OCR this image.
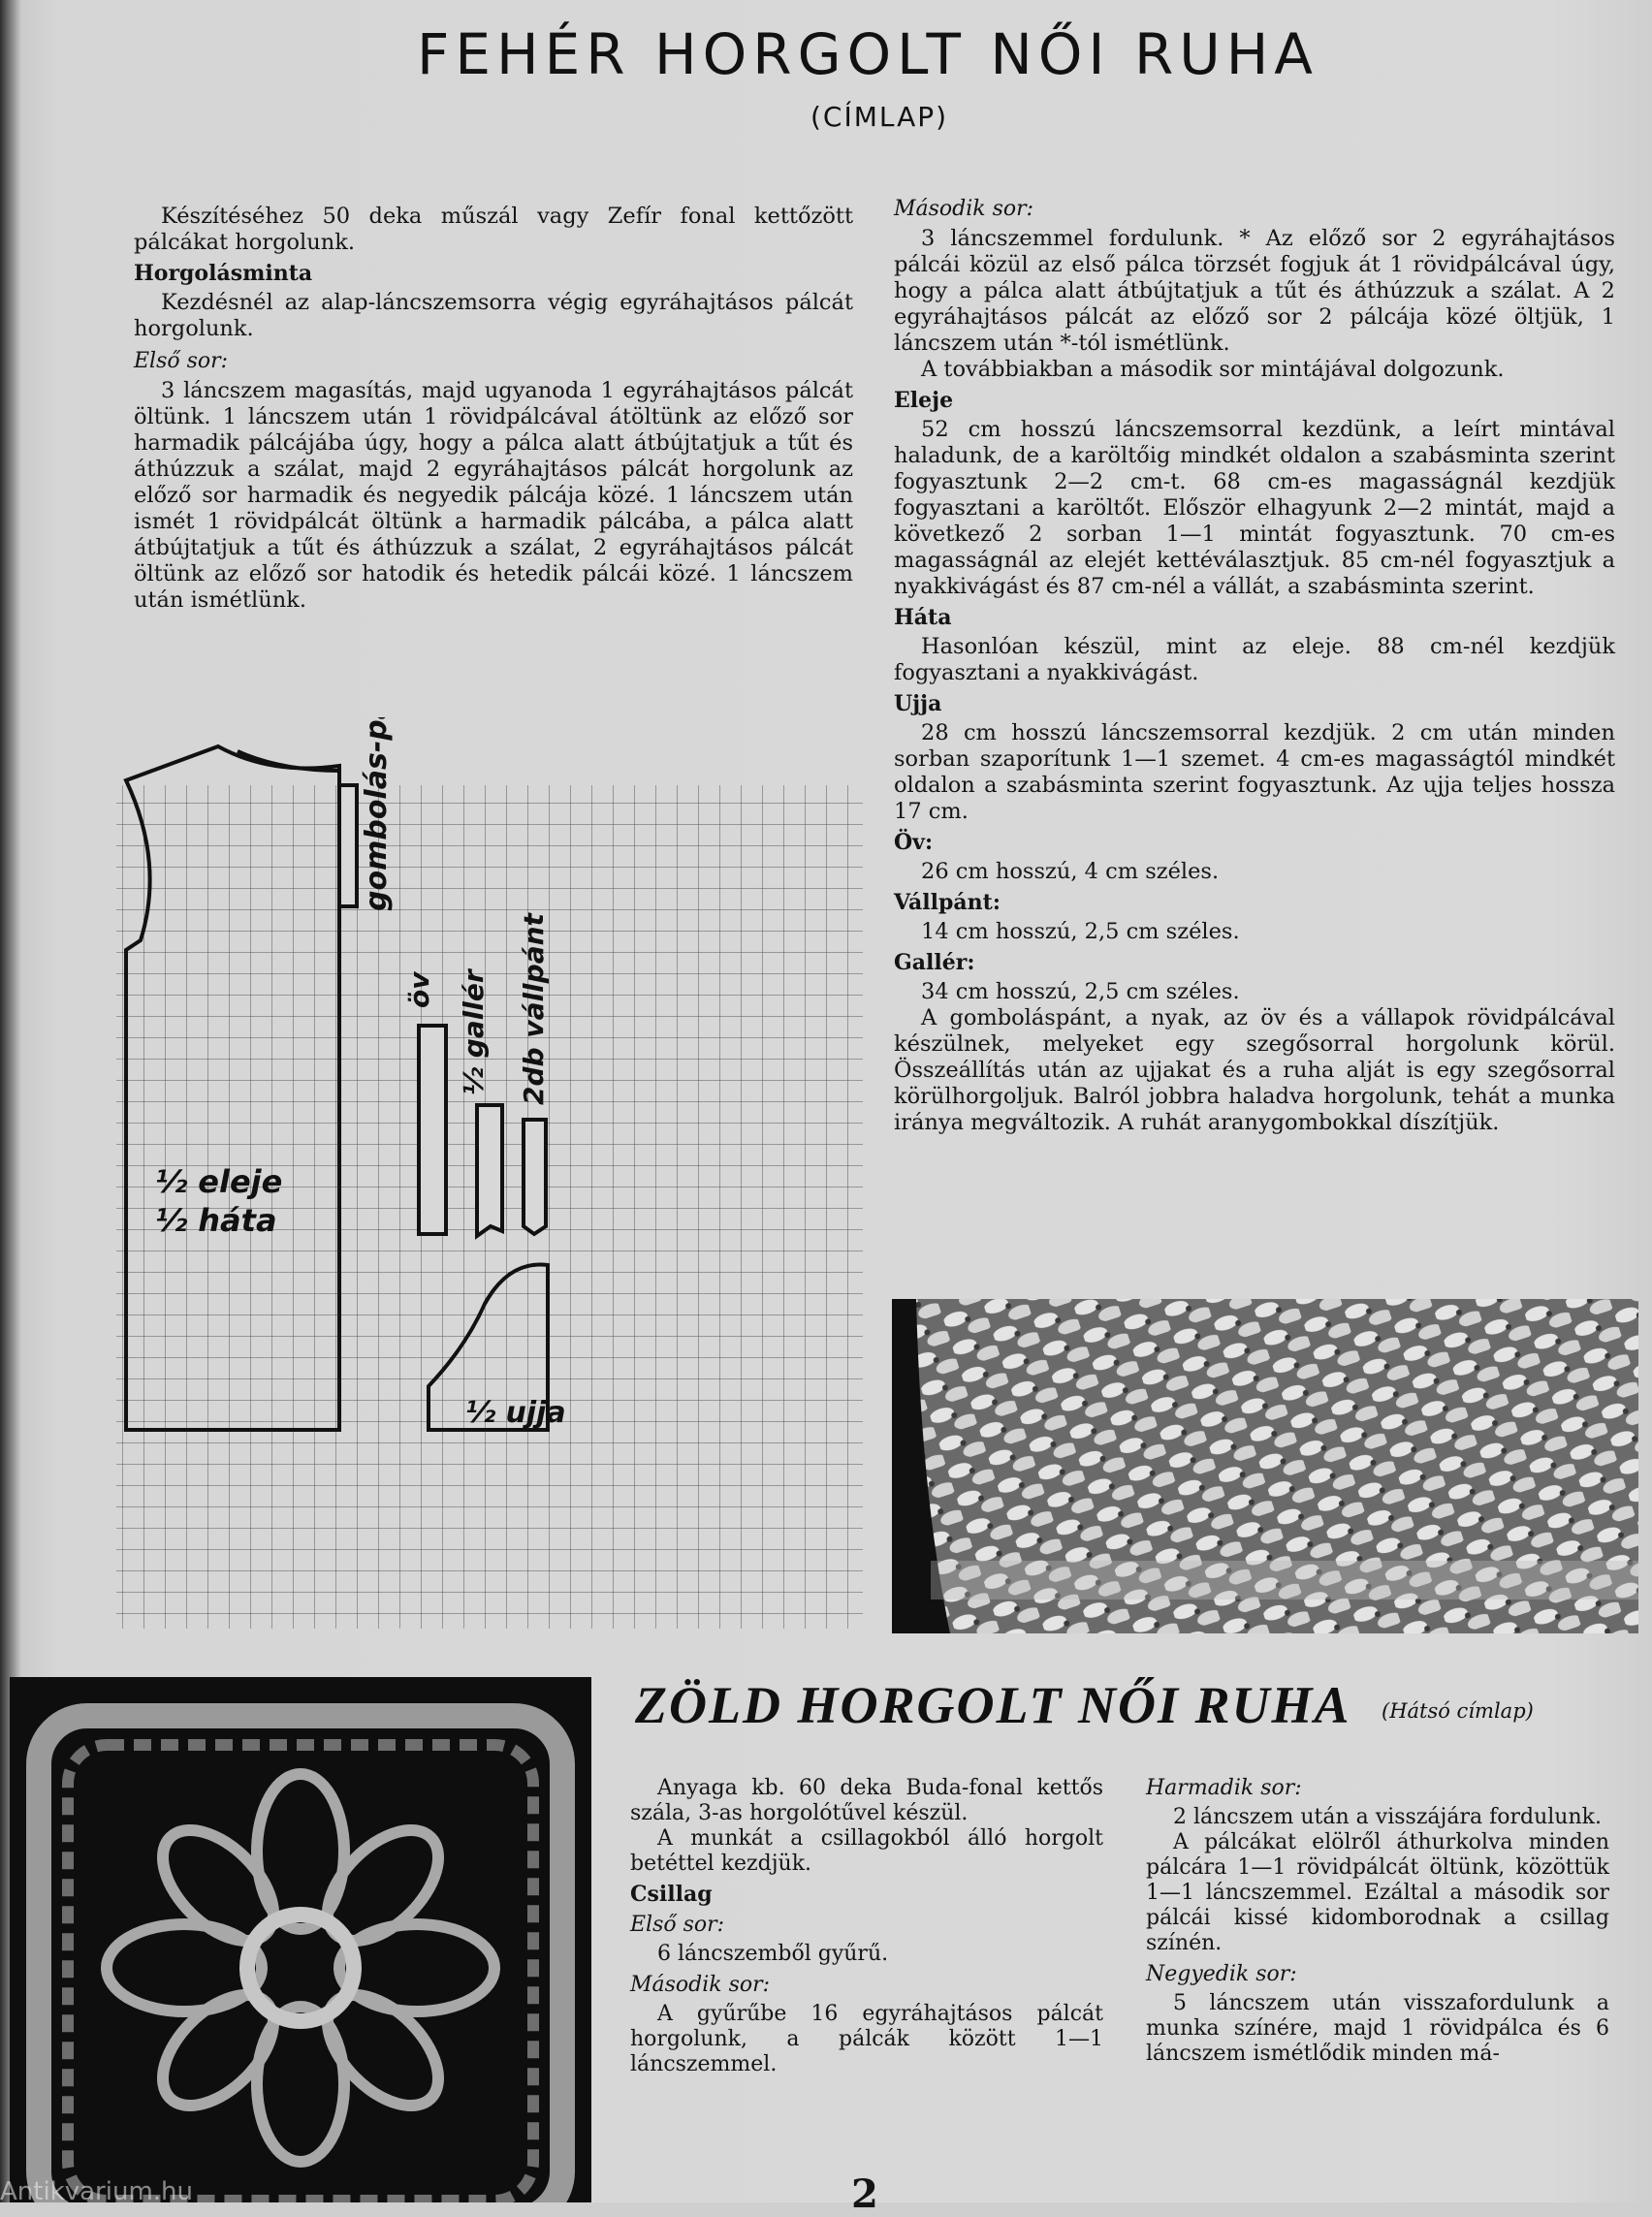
FEHÉR HORGOLT NŐI RUHA
(CÍMLAP)

Készítéséhez 50 deka műszál vagy Zefír fonal kettőzött pálcákat horgolunk.

Horgolásminta

Kezdésnél az alap-láncszemsorra végig egyráhajtásos pálcát horgolunk.

Első sor:

3 láncszem magasítás, majd ugyanoda 1 egyráhajtásos pálcát öltünk. 1 láncszem után 1 rövidpálcával átöltünk az előző sor harmadik pálcájába úgy, hogy a pálca alatt átbújtatjuk a tűt és áthúzzuk a szálat, majd 2 egyráhajtásos pálcát horgolunk az előző sor harmadik és negyedik pálcája közé. 1 láncszem után ismét 1 rövidpálcát öltünk a harmadik pálcába, a pálca alatt átbújtatjuk a tűt és áthúzzuk a szálat, 2 egyráhajtásos pálcát öltünk az előző sor hatodik és hetedik pálcái közé. 1 láncszem után ismétlünk.

gombolás-pánt
öv ½ gallér 2db vállpánt
½ eleje
½ háta
½ ujja
Második sor:

3 láncszemmel fordulunk. * Az előző sor 2 egyráhajtásos pálcái közül az első pálca törzsét fogjuk át 1 rövidpálcával úgy, hogy a pálca alatt átbújtatjuk a tűt és áthúzzuk a szálat. A 2 egyráhajtásos pálcát az előző sor 2 pálcája közé öltjük, 1 láncszem után *-tól ismétlünk.

A továbbiakban a második sor mintájával dolgozunk.

Eleje

52 cm hosszú láncszemsorral kezdünk, a leírt mintával haladunk, de a karöltőig mindkét oldalon a szabásminta szerint fogyasztunk 2—2 cm-t. 68 cm-es magasságnál kezdjük fogyasztani a karöltőt. Először elhagyunk 2—2 mintát, majd a következő 2 sorban 1—1 mintát fogyasztunk. 70 cm-es magasságnál az elejét kettéválasztjuk. 85 cm-nél fogyasztjuk a nyakkivágást és 87 cm-nél a vállát, a szabásminta szerint.

Háta

Hasonlóan készül, mint az eleje. 88 cm-nél kezdjük fogyasztani a nyakkivágást.

Ujja

28 cm hosszú láncszemsorral kezdjük. 2 cm után minden sorban szaporítunk 1—1 szemet. 4 cm-es magasságtól mindkét oldalon a szabásminta szerint fogyasztunk. Az ujja teljes hossza 17 cm.

Öv:

26 cm hosszú, 4 cm széles.

Vállpánt:

14 cm hosszú, 2,5 cm széles.

Gallér:

34 cm hosszú, 2,5 cm széles.

A gomboláspánt, a nyak, az öv és a vállapok rövidpálcával készülnek, melyeket egy szegősorral horgolunk körül. Összeállítás után az ujjakat és a ruha alját is egy szegősorral körülhorgoljuk. Balról jobbra haladva horgolunk, tehát a munka iránya megváltozik. A ruhát aranygombokkal díszítjük.

ZÖLD HORGOLT NŐI RUHA (Hátsó címlap)

Anyaga kb. 60 deka Buda-fonal kettős szála, 3-as horgolótűvel készül.

A munkát a csillagokból álló horgolt betéttel kezdjük.

Csillag
Első sor:

6 láncszemből gyűrű.

Második sor:

A gyűrűbe 16 egyráhajtásos pálcát horgolunk, a pálcák között 1—1 láncszemmel.

Harmadik sor:

2 láncszem után a visszájára fordulunk.

A pálcákat elölről áthurkolva minden pálcára 1—1 rövidpálcát öltünk, közöttük 1—1 láncszemmel. Ezáltal a második sor pálcái kissé kidomborodnak a csillag színén.

Negyedik sor:

5 láncszem után visszafordulunk a munka színére, majd 1 rövidpálca és 6 láncszem ismétlődik minden má-

2
Antikvarium.hu
